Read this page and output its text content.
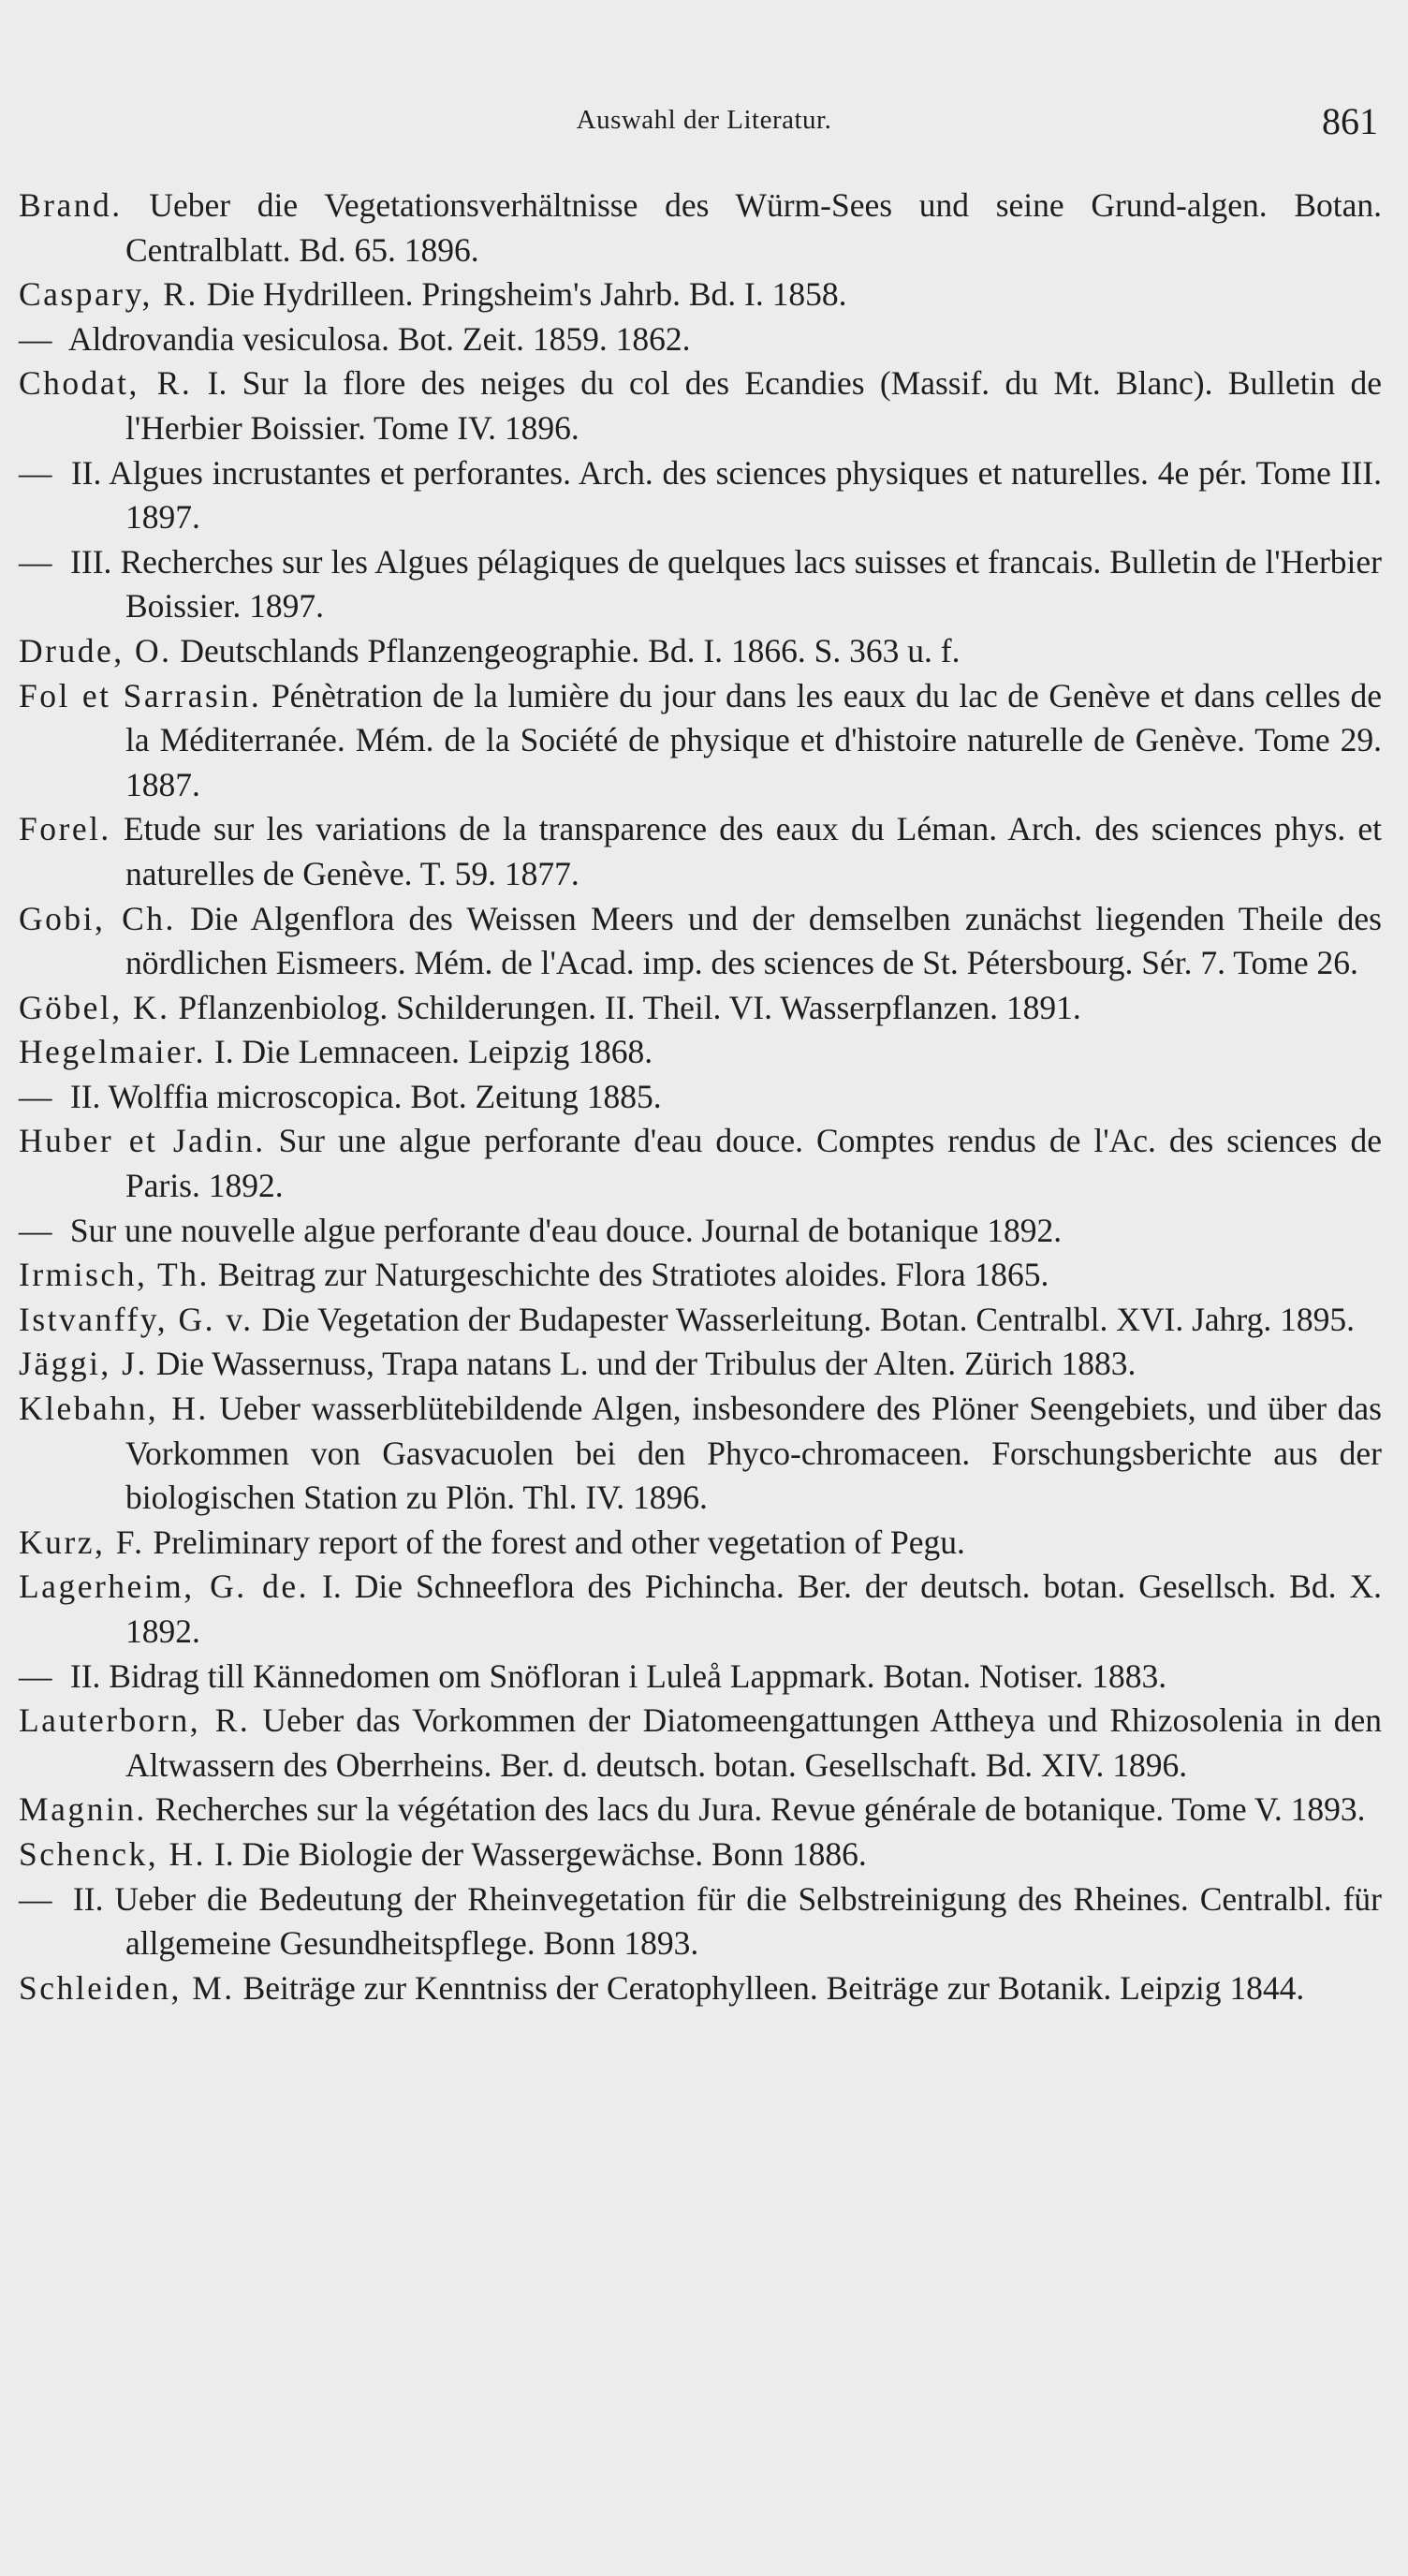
Auswahl der Literatur.	861

Brand. Ueber die Vegetationsverhältnisse des Würm-Sees und seine Grund-algen. Botan. Centralblatt. Bd. 65. 1896.

Caspary, R. Die Hydrilleen. Pringsheim's Jahrb. Bd. I. 1858.

— Aldrovandia vesiculosa. Bot. Zeit. 1859. 1862.

Chodat, R. I. Sur la flore des neiges du col des Ecandies (Massif. du Mt. Blanc). Bulletin de l'Herbier Boissier. Tome IV. 1896.

— II. Algues incrustantes et perforantes. Arch. des sciences physiques et naturelles. 4e pér. Tome III. 1897.

— III. Recherches sur les Algues pélagiques de quelques lacs suisses et francais. Bulletin de l'Herbier Boissier. 1897.

Drude, O. Deutschlands Pflanzengeographie. Bd. I. 1866. S. 363 u. f.

Fol et Sarrasin. Pénètration de la lumière du jour dans les eaux du lac de Genève et dans celles de la Méditerranée. Mém. de la Société de physique et d'histoire naturelle de Genève. Tome 29. 1887.

Forel. Etude sur les variations de la transparence des eaux du Léman. Arch. des sciences phys. et naturelles de Genève. T. 59. 1877.

Gobi, Ch. Die Algenflora des Weissen Meers und der demselben zunächst liegenden Theile des nördlichen Eismeers. Mém. de l'Acad. imp. des sciences de St. Pétersbourg. Sér. 7. Tome 26.

Göbel, K. Pflanzenbiolog. Schilderungen. II. Theil. VI. Wasserpflanzen. 1891.

Hegelmaier. I. Die Lemnaceen. Leipzig 1868.

— II. Wolffia microscopica. Bot. Zeitung 1885.

Huber et Jadin. Sur une algue perforante d'eau douce. Comptes rendus de l'Ac. des sciences de Paris. 1892.

— Sur une nouvelle algue perforante d'eau douce. Journal de botanique 1892.

Irmisch, Th. Beitrag zur Naturgeschichte des Stratiotes aloides. Flora 1865.

Istvanffy, G. v. Die Vegetation der Budapester Wasserleitung. Botan. Centralbl. XVI. Jahrg. 1895.

Jäggi, J. Die Wassernuss, Trapa natans L. und der Tribulus der Alten. Zürich 1883.

Klebahn, H. Ueber wasserblütebildende Algen, insbesondere des Plöner Seengebiets, und über das Vorkommen von Gasvacuolen bei den Phyco-chromaceen. Forschungsberichte aus der biologischen Station zu Plön. Thl. IV. 1896.

Kurz, F. Preliminary report of the forest and other vegetation of Pegu.

Lagerheim, G. de. I. Die Schneeflora des Pichincha. Ber. der deutsch. botan. Gesellsch. Bd. X. 1892.

— II. Bidrag till Kännedomen om Snöfloran i Luleå Lappmark. Botan. Notiser. 1883.

Lauterborn, R. Ueber das Vorkommen der Diatomeengattungen Attheya und Rhizosolenia in den Altwassern des Oberrheins. Ber. d. deutsch. botan. Gesellschaft. Bd. XIV. 1896.

Magnin. Recherches sur la végétation des lacs du Jura. Revue générale de botanique. Tome V. 1893.

Schenck, H. I. Die Biologie der Wassergewächse. Bonn 1886.

— II. Ueber die Bedeutung der Rheinvegetation für die Selbstreinigung des Rheines. Centralbl. für allgemeine Gesundheitspflege. Bonn 1893.

Schleiden, M. Beiträge zur Kenntniss der Ceratophylleen. Beiträge zur Botanik. Leipzig 1844.
